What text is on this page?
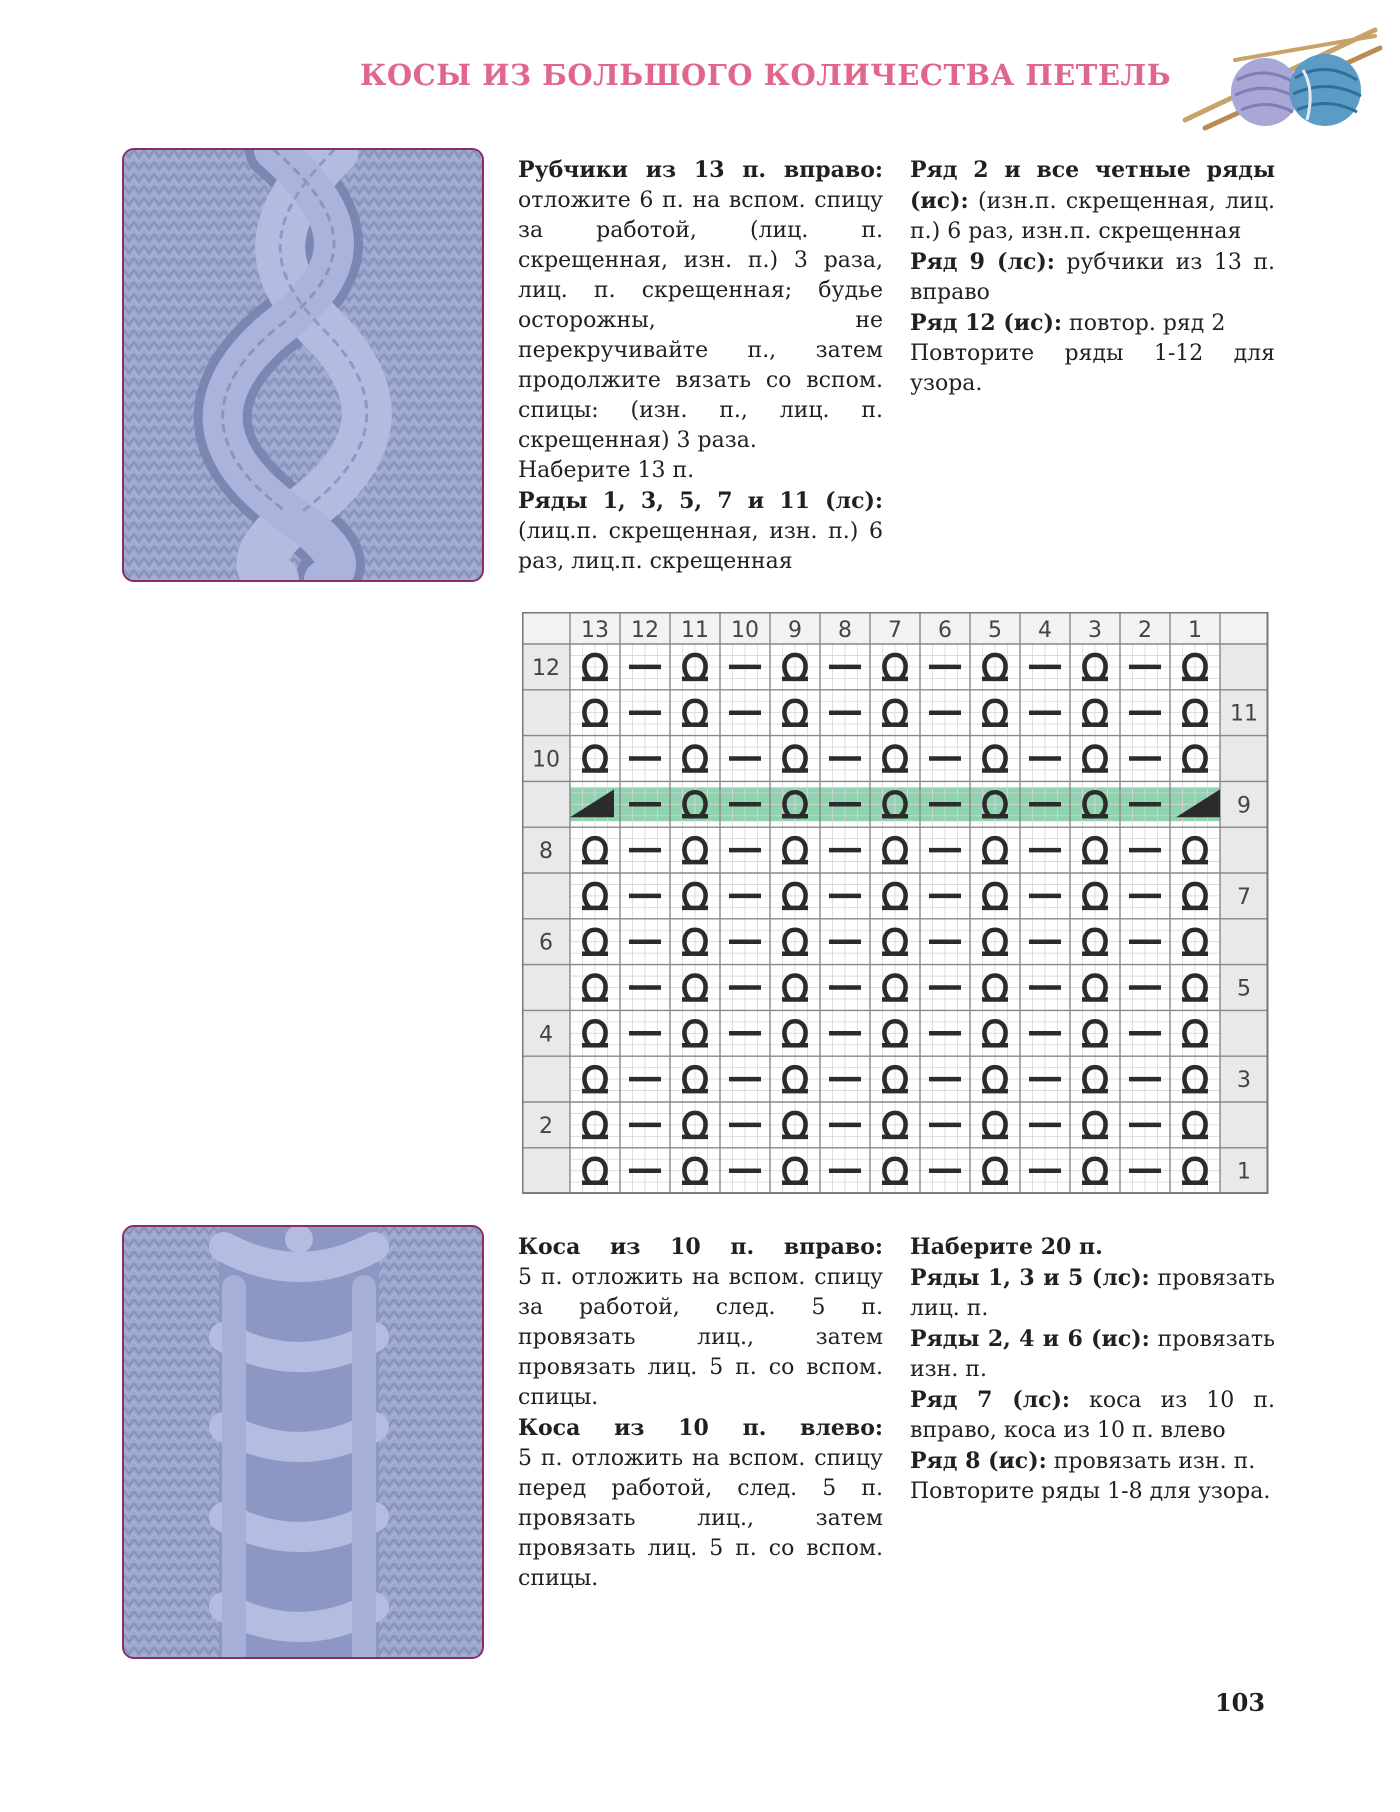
КОСЫ ИЗ БОЛЬШОГО КОЛИЧЕСТВА ПЕТЕЛЬ

Рубчики из 13 п. вправо:

отложите 6 п. на вспом. спицу за работой, (лиц. п. скрещенная, изн. п.) 3 раза, лиц. п. скрещенная; будье осторожны, не перекручивайте п., затем продолжите вязать со вспом. спицы: (изн. п., лиц. п. скрещенная) 3 раза.

Наберите 13 п.

Ряды 1, 3, 5, 7 и 11 (лс): (лиц.п. скрещенная, изн. п.) 6 раз, лиц.п. скрещенная

Ряд 2 и все четные ряды (ис): (изн.п. скрещенная, лиц. п.) 6 раз, изн.п. скрещенная

Ряд 9 (лс): рубчики из 13 п. вправо

Ряд 12 (ис): повтор. ряд 2

Повторите ряды 1-12 для узора.

13 12 11 10 9 8 7 6 5 4 3 2 1
12
11
10
9
8
7
6
5
4
3
2
1

Коса из 10 п. вправо:

5 п. отложить на вспом. спицу за работой, след. 5 п. провязать лиц., затем провязать лиц. 5 п. со вспом. спицы.

Коса из 10 п. влево:

5 п. отложить на вспом. спицу перед работой, след. 5 п. провязать лиц., затем провязать лиц. 5 п. со вспом. спицы.

Наберите 20 п.

Ряды 1, 3 и 5 (лс): провязать лиц. п.

Ряды 2, 4 и 6 (ис): провязать изн. п.

Ряд 7 (лс): коса из 10 п. вправо, коса из 10 п. влево

Ряд 8 (ис): провязать изн. п.

Повторите ряды 1-8 для узора.

103
